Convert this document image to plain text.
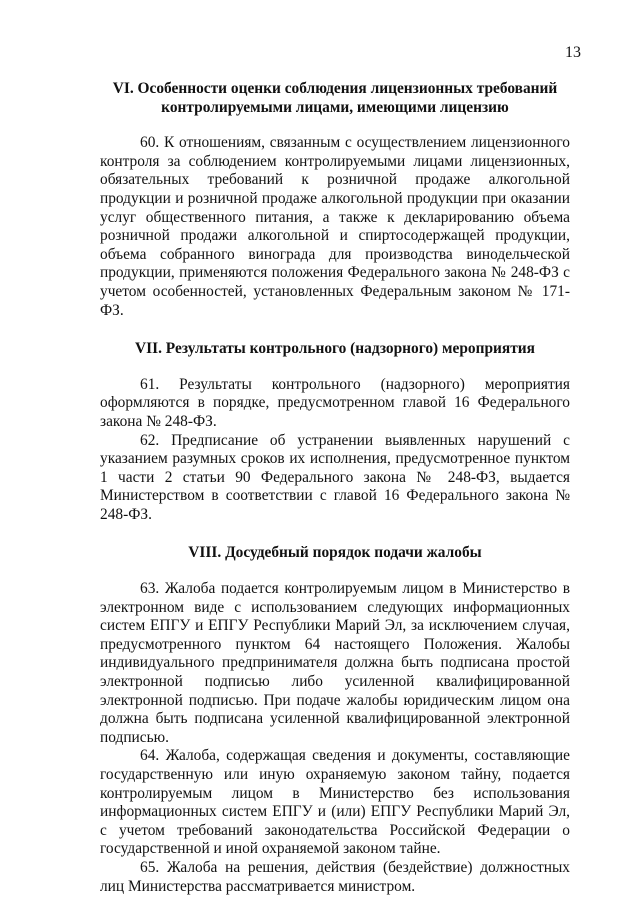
13

VI. Особенности оценки соблюдения лицензионных требований

контролируемыми лицами, имеющими лицензию

60. К отношениям, связанным с осуществлением лицензионного контроля за соблюдением контролируемыми лицами лицензионных, обязательных требований к розничной продаже алкогольной продукции и розничной продаже алкогольной продукции при оказании услуг общественного питания, а также к декларированию объема розничной продажи алкогольной и спиртосодержащей продукции, объема собранного винограда для производства винодельческой продукции, применяются положения Федерального закона № 248-ФЗ с учетом особенностей, установленных Федеральным законом № 171-ФЗ.

VII. Результаты контрольного (надзорного) мероприятия

61. Результаты контрольного (надзорного) мероприятия оформляются в порядке, предусмотренном главой 16 Федерального закона № 248-ФЗ.

62. Предписание об устранении выявленных нарушений с указанием разумных сроков их исполнения, предусмотренное пунктом 1 части 2 статьи 90 Федерального закона № 248-ФЗ, выдается Министерством в соответствии с главой 16 Федерального закона № 248-ФЗ.

VIII. Досудебный порядок подачи жалобы

63. Жалоба подается контролируемым лицом в Министерство в электронном виде с использованием следующих информационных систем ЕПГУ и ЕПГУ Республики Марий Эл, за исключением случая, предусмотренного пунктом 64 настоящего Положения. Жалобы индивидуального предпринимателя должна быть подписана простой электронной подписью либо усиленной квалифицированной электронной подписью. При подаче жалобы юридическим лицом она должна быть подписана усиленной квалифицированной электронной подписью.

64. Жалоба, содержащая сведения и документы, составляющие государственную или иную охраняемую законом тайну, подается контролируемым лицом в Министерство без использования информационных систем ЕПГУ и (или) ЕПГУ Республики Марий Эл, с учетом требований законодательства Российской Федерации о государственной и иной охраняемой законом тайне.

65. Жалоба на решения, действия (бездействие) должностных лиц Министерства рассматривается министром.
